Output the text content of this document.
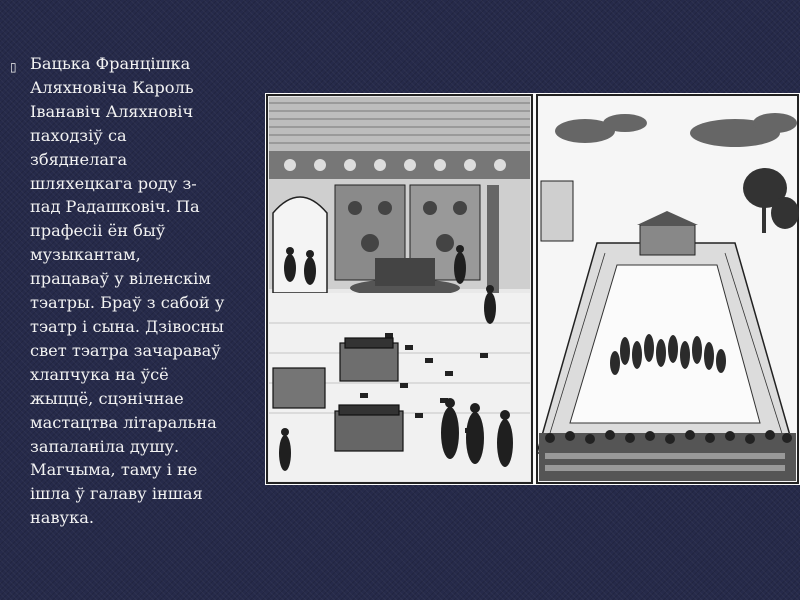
▯ Бацька Францішка
Аляхновіча Кароль
Іванавіч Аляхновіч
паходзіў са
збяднелага
шляхецкага роду з-
пад Радашковіч. Па
прафесіі ён быў
музыкантам,
працаваў у віленскім
тэатры. Браў з сабой у
тэатр і сына. Дзівосны
свет тэатра зачараваў
хлапчука на ўсё
жыццё, сцэнічнае
мастацтва літаральна
запаланіла душу.
Магчыма, таму і не
ішла ў галаву іншая
навука.
